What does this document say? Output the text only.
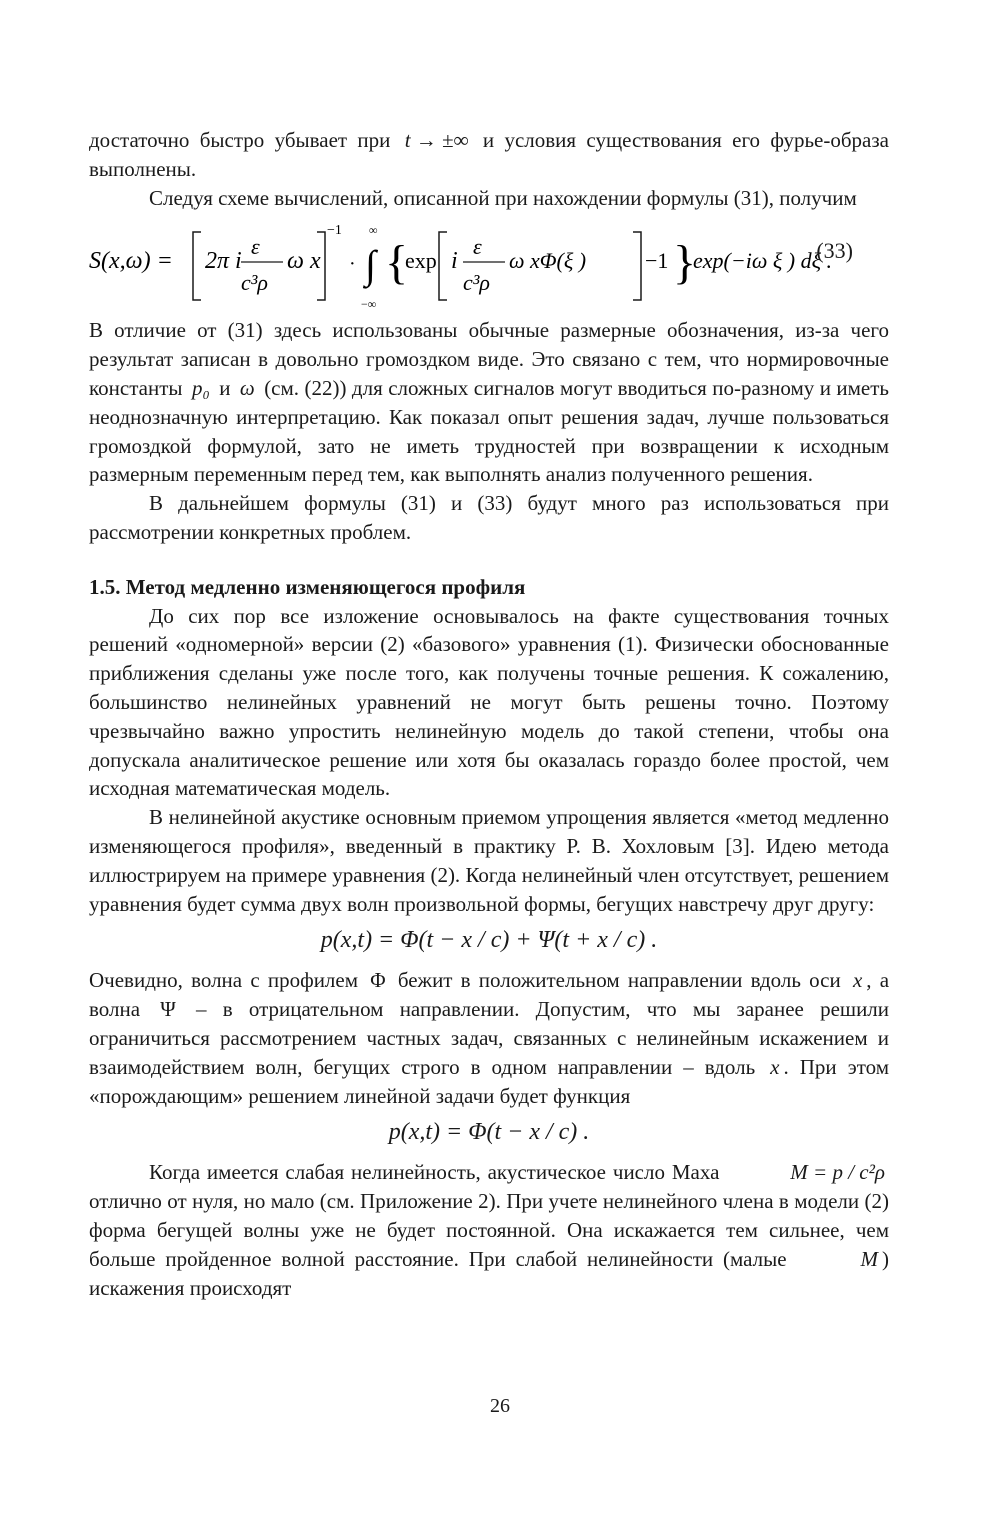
достаточно быстро убывает при t → ±∞ и условия существования его фурье-образа выполнены.

Следуя схеме вычислений, описанной при нахождении формулы (31), получим

S(x,ω) = 2π i
ε
c³ρ
ω x
−1
·
∞
∫
−∞
{
exp i
ε
c³ρ
ω xΦ(ξ )	−1 }
exp(−iω ξ ) dξ .
(33)

В отличие от (31) здесь использованы обычные размерные обозначения, из-за чего результат записан в довольно громоздком виде. Это связано с тем, что нормировочные константы p₀ и ω (см. (22)) для сложных сигналов могут вводиться по-разному и иметь неоднозначную интерпретацию. Как показал опыт решения задач, лучше пользоваться громоздкой формулой, зато не иметь трудностей при возвращении к исходным размерным переменным перед тем, как выполнять анализ полученного решения.

В дальнейшем формулы (31) и (33) будут много раз использоваться при рассмотрении конкретных проблем.

1.5. Метод медленно изменяющегося профиля

До сих пор все изложение основывалось на факте существования точных решений «одномерной» версии (2) «базового» уравнения (1). Физически обоснованные приближения сделаны уже после того, как получены точные решения. К сожалению, большинство нелинейных уравнений не могут быть решены точно. Поэтому чрезвычайно важно упростить нелинейную модель до такой степени, чтобы она допускала аналитическое решение или хотя бы оказалась гораздо более простой, чем исходная математическая модель.

В нелинейной акустике основным приемом упрощения является «метод медленно изменяющегося профиля», введенный в практику Р. В. Хохловым [3]. Идею метода иллюстрируем на примере уравнения (2). Когда нелинейный член отсутствует, решением уравнения будет сумма двух волн произвольной формы, бегущих навстречу друг другу:

p(x,t) = Φ(t − x / c) + Ψ(t + x / c) .

Очевидно, волна с профилем Φ бежит в положительном направлении вдоль оси x , а волна Ψ – в отрицательном направлении. Допустим, что мы заранее решили ограничиться рассмотрением частных задач, связанных с нелинейным искажением и взаимодействием волн, бегущих строго в одном направлении – вдоль x . При этом «порождающим» решением линейной задачи будет функция

p(x,t) = Φ(t − x / c) .

Когда имеется слабая нелинейность, акустическое число Маха	M = p / c²ρ отлично от нуля, но мало (см. Приложение 2). При учете нелинейного члена в модели (2) форма бегущей волны уже не будет постоянной. Она искажается тем сильнее, чем больше пройденное волной расстояние. При слабой нелинейности (малые	M ) искажения происходят

26
